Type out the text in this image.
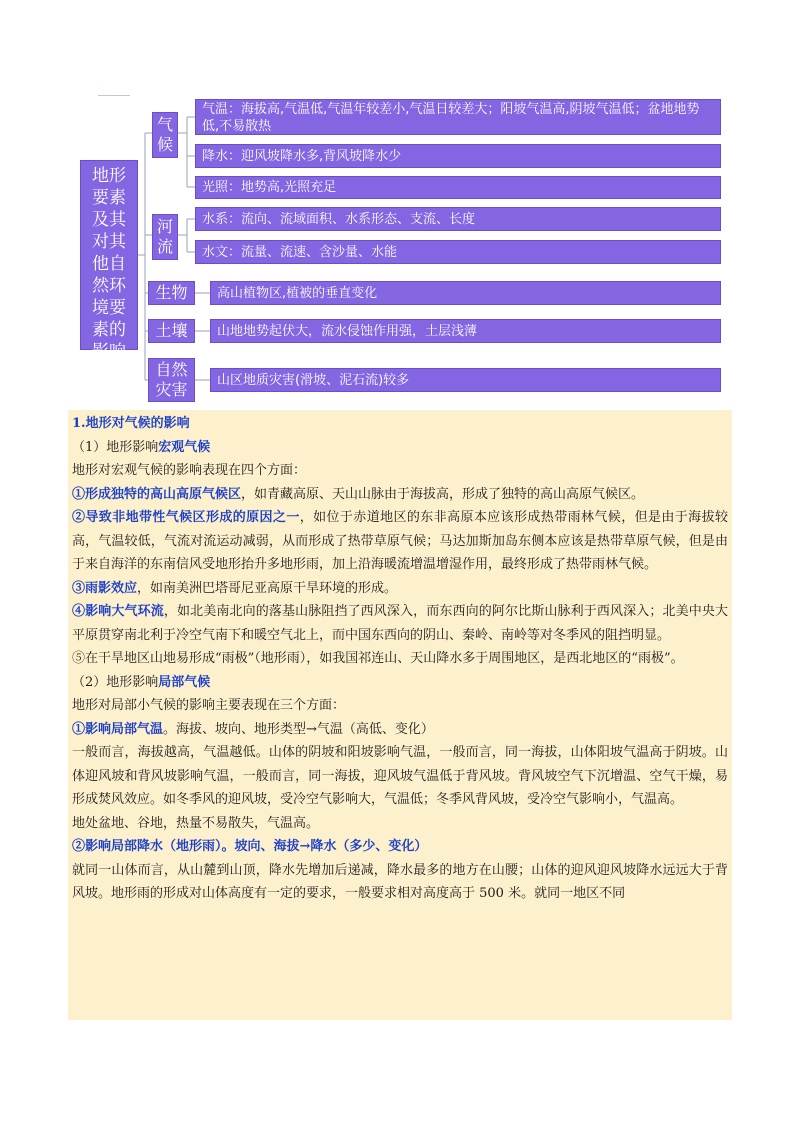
地形要素及其对其他自然环境要素的影响
气候
河流
生物
土壤
自然灾害
气温：海拔高,气温低,气温年较差小,气温日较差大；阳坡气温高,阴坡气温低；盆地地势低,不易散热
降水：迎风坡降水多,背风坡降水少
光照：地势高,光照充足
水系：流向、流域面积、水系形态、支流、长度
水文：流量、流速、含沙量、水能
高山植物区,植被的垂直变化
山地地势起伏大，流水侵蚀作用强，土层浅薄
山区地质灾害(滑坡、泥石流)较多

1.地形对气候的影响

（1）地形影响宏观气候

地形对宏观气候的影响表现在四个方面：

①形成独特的高山高原气候区，如青藏高原、天山山脉由于海拔高，形成了独特的高山高原气候区。

②导致非地带性气候区形成的原因之一，如位于赤道地区的东非高原本应该形成热带雨林气候，但是由于海拔较高，气温较低，气流对流运动减弱，从而形成了热带草原气候；马达加斯加岛东侧本应该是热带草原气候，但是由于来自海洋的东南信风受地形抬升多地形雨，加上沿海暖流增温增湿作用，最终形成了热带雨林气候。

③雨影效应，如南美洲巴塔哥尼亚高原干旱环境的形成。

④影响大气环流，如北美南北向的落基山脉阻挡了西风深入，而东西向的阿尔比斯山脉利于西风深入；北美中央大平原贯穿南北利于冷空气南下和暖空气北上，而中国东西向的阴山、秦岭、南岭等对冬季风的阻挡明显。

⑤在干旱地区山地易形成“雨极”（地形雨），如我国祁连山、天山降水多于周围地区，是西北地区的“雨极”。

（2）地形影响局部气候

地形对局部小气候的影响主要表现在三个方面：

①影响局部气温。海拔、坡向、地形类型→气温（高低、变化）

一般而言，海拔越高，气温越低。山体的阴坡和阳坡影响气温，一般而言，同一海拔，山体阳坡气温高于阴坡。山体迎风坡和背风坡影响气温，一般而言，同一海拔，迎风坡气温低于背风坡。背风坡空气下沉增温、空气干燥，易形成焚风效应。如冬季风的迎风坡，受冷空气影响大，气温低；冬季风背风坡，受冷空气影响小，气温高。

地处盆地、谷地，热量不易散失，气温高。

②影响局部降水（地形雨）。坡向、海拔→降水（多少、变化）

就同一山体而言，从山麓到山顶，降水先增加后递减，降水最多的地方在山腰；山体的迎风迎风坡降水远远大于背风坡。地形雨的形成对山体高度有一定的要求，一般要求相对高度高于 500 米。就同一地区不同
